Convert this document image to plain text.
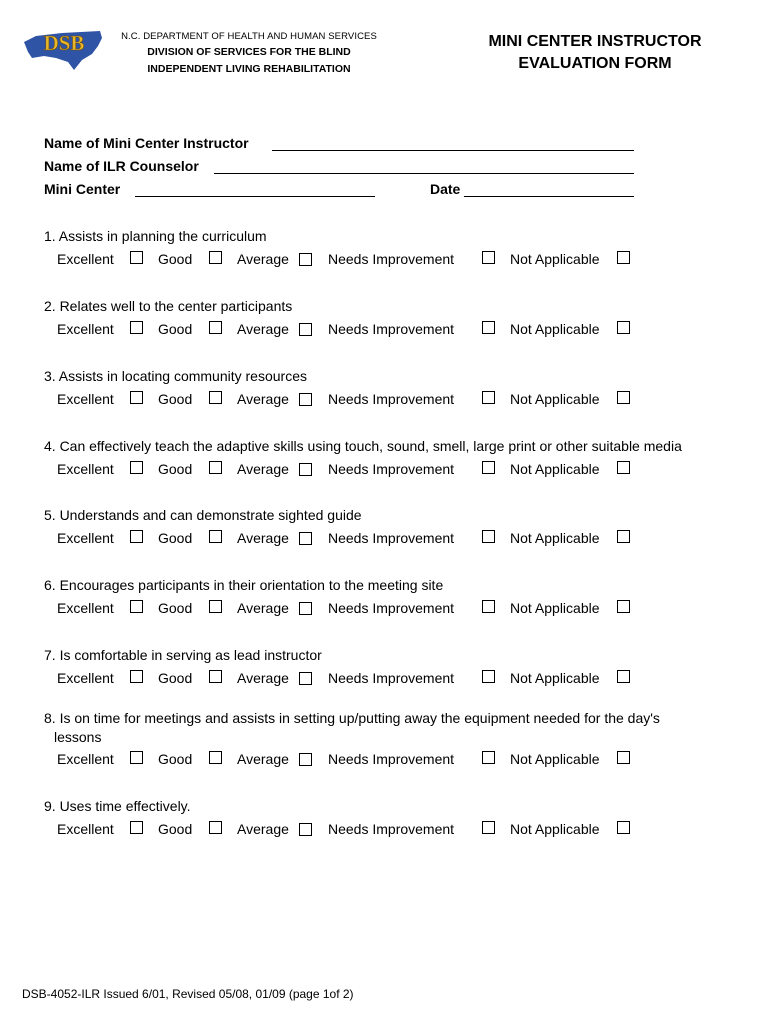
DSB	N.C. DEPARTMENT OF HEALTH AND HUMAN SERVICES
DIVISION OF SERVICES FOR THE BLIND
INDEPENDENT LIVING REHABILITATION
MINI CENTER INSTRUCTOR
EVALUATION FORM
Name of Mini Center Instructor
Name of ILR Counselor
Mini Center	Date
1. Assists in planning the curriculum
Excellent	Good	Average	Needs Improvement	Not Applicable
2. Relates well to the center participants
Excellent	Good	Average	Needs Improvement	Not Applicable
3. Assists in locating community resources
Excellent	Good	Average	Needs Improvement	Not Applicable
4. Can effectively teach the adaptive skills using touch, sound, smell, large print or other suitable media
Excellent	Good	Average	Needs Improvement	Not Applicable
5. Understands and can demonstrate sighted guide
Excellent	Good	Average	Needs Improvement	Not Applicable
6. Encourages participants in their orientation to the meeting site
Excellent	Good	Average	Needs Improvement	Not Applicable
7. Is comfortable in serving as lead instructor
Excellent	Good	Average	Needs Improvement	Not Applicable
8. Is on time for meetings and assists in setting up/putting away the equipment needed for the day's
lessons
Excellent	Good	Average	Needs Improvement	Not Applicable
9. Uses time effectively.
Excellent	Good	Average	Needs Improvement	Not Applicable
DSB-4052-ILR Issued 6/01, Revised 05/08, 01/09 (page 1of 2)
